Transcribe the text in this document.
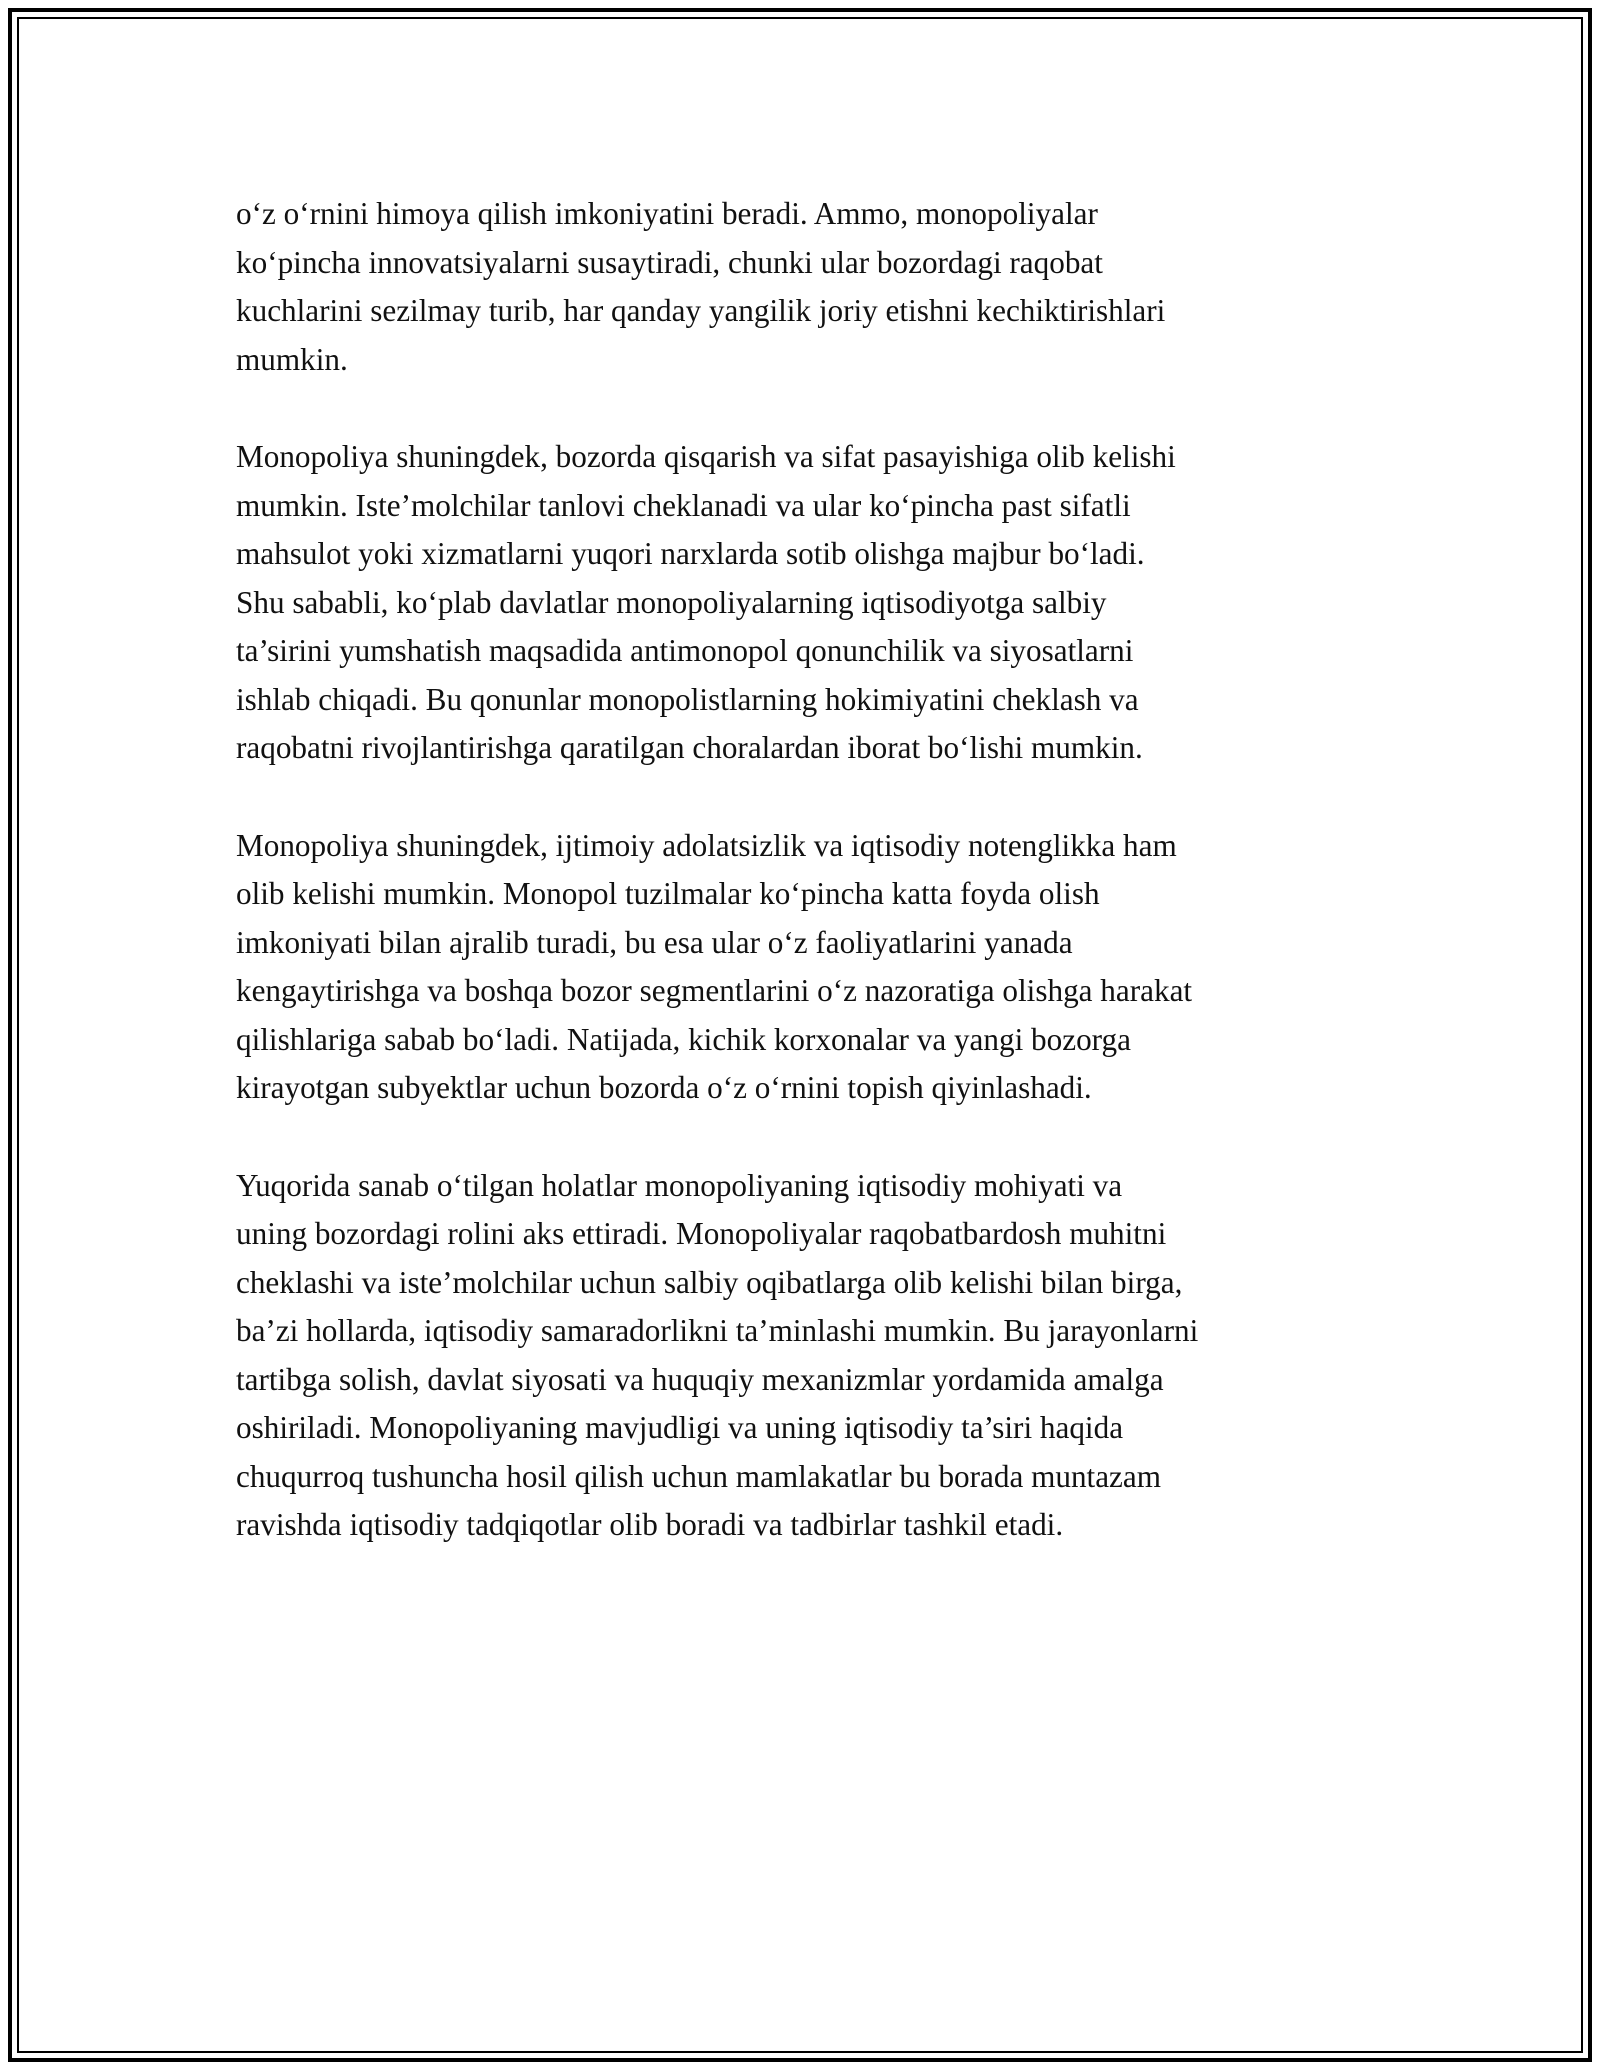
o‘z o‘rnini himoya qilish imkoniyatini beradi. Ammo, monopoliyalar
ko‘pincha innovatsiyalarni susaytiradi, chunki ular bozordagi raqobat
kuchlarini sezilmay turib, har qanday yangilik joriy etishni kechiktirishlari
mumkin.

Monopoliya shuningdek, bozorda qisqarish va sifat pasayishiga olib kelishi
mumkin. Iste’molchilar tanlovi cheklanadi va ular ko‘pincha past sifatli
mahsulot yoki xizmatlarni yuqori narxlarda sotib olishga majbur bo‘ladi.
Shu sababli, ko‘plab davlatlar monopoliyalarning iqtisodiyotga salbiy
ta’sirini yumshatish maqsadida antimonopol qonunchilik va siyosatlarni
ishlab chiqadi. Bu qonunlar monopolistlarning hokimiyatini cheklash va
raqobatni rivojlantirishga qaratilgan choralardan iborat bo‘lishi mumkin.

Monopoliya shuningdek, ijtimoiy adolatsizlik va iqtisodiy notenglikka ham
olib kelishi mumkin. Monopol tuzilmalar ko‘pincha katta foyda olish
imkoniyati bilan ajralib turadi, bu esa ular o‘z faoliyatlarini yanada
kengaytirishga va boshqa bozor segmentlarini o‘z nazoratiga olishga harakat
qilishlariga sabab bo‘ladi. Natijada, kichik korxonalar va yangi bozorga
kirayotgan subyektlar uchun bozorda o‘z o‘rnini topish qiyinlashadi.

Yuqorida sanab o‘tilgan holatlar monopoliyaning iqtisodiy mohiyati va
uning bozordagi rolini aks ettiradi. Monopoliyalar raqobatbardosh muhitni
cheklashi va iste’molchilar uchun salbiy oqibatlarga olib kelishi bilan birga,
ba’zi hollarda, iqtisodiy samaradorlikni ta’minlashi mumkin. Bu jarayonlarni
tartibga solish, davlat siyosati va huquqiy mexanizmlar yordamida amalga
oshiriladi. Monopoliyaning mavjudligi va uning iqtisodiy ta’siri haqida
chuqurroq tushuncha hosil qilish uchun mamlakatlar bu borada muntazam
ravishda iqtisodiy tadqiqotlar olib boradi va tadbirlar tashkil etadi.
